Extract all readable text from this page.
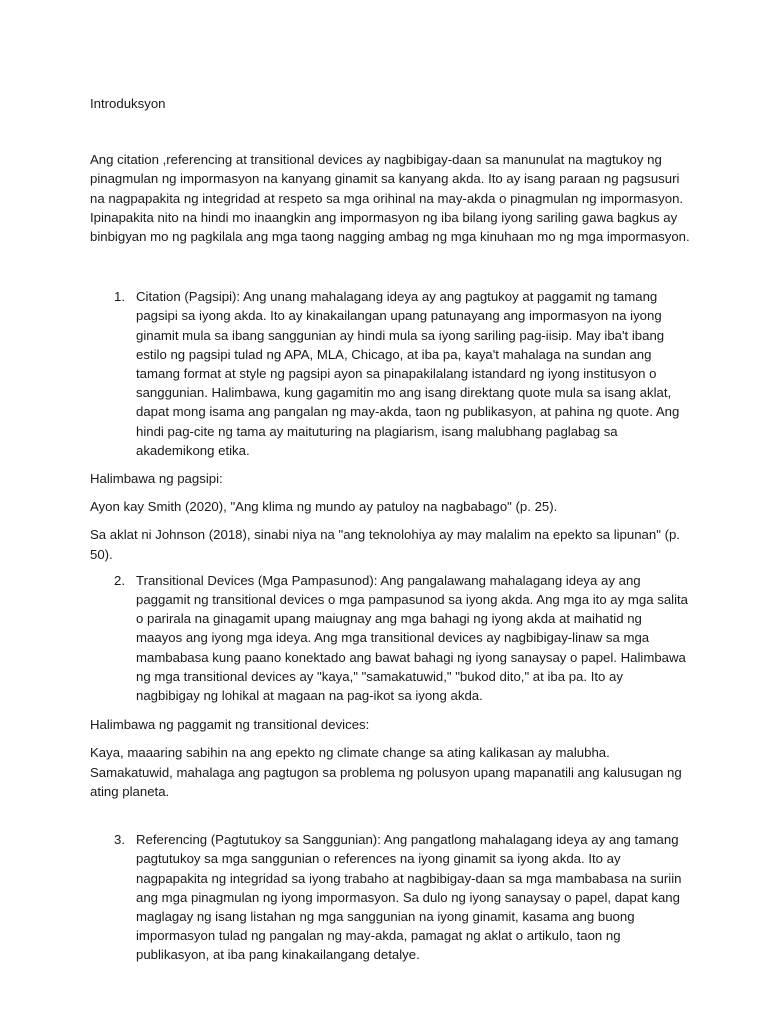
Introduksyon

Ang citation ,referencing at transitional devices ay nagbibigay-daan sa manunulat na magtukoy ng pinagmulan ng impormasyon na kanyang ginamit sa kanyang akda. Ito ay isang paraan ng pagsusuri na nagpapakita ng integridad at respeto sa mga orihinal na may-akda o pinagmulan ng impormasyon. Ipinapakita nito na hindi mo inaangkin ang impormasyon ng iba bilang iyong sariling gawa bagkus ay binbigyan mo ng pagkilala ang mga taong nagging ambag ng mga kinuhaan mo ng mga impormasyon.

1. Citation (Pagsipi): Ang unang mahalagang ideya ay ang pagtukoy at paggamit ng tamang pagsipi sa iyong akda. Ito ay kinakailangan upang patunayang ang impormasyon na iyong ginamit mula sa ibang sanggunian ay hindi mula sa iyong sariling pag-iisip. May iba't ibang estilo ng pagsipi tulad ng APA, MLA, Chicago, at iba pa, kaya't mahalaga na sundan ang tamang format at style ng pagsipi ayon sa pinapakilalang istandard ng iyong institusyon o sanggunian. Halimbawa, kung gagamitin mo ang isang direktang quote mula sa isang aklat, dapat mong isama ang pangalan ng may-akda, taon ng publikasyon, at pahina ng quote. Ang hindi pag-cite ng tama ay maituturing na plagiarism, isang malubhang paglabag sa akademikong etika.

Halimbawa ng pagsipi:

Ayon kay Smith (2020), "Ang klima ng mundo ay patuloy na nagbabago" (p. 25).

Sa aklat ni Johnson (2018), sinabi niya na "ang teknolohiya ay may malalim na epekto sa lipunan" (p. 50).

2. Transitional Devices (Mga Pampasunod): Ang pangalawang mahalagang ideya ay ang paggamit ng transitional devices o mga pampasunod sa iyong akda. Ang mga ito ay mga salita o parirala na ginagamit upang maiugnay ang mga bahagi ng iyong akda at maihatid ng maayos ang iyong mga ideya. Ang mga transitional devices ay nagbibigay-linaw sa mga mambabasa kung paano konektado ang bawat bahagi ng iyong sanaysay o papel. Halimbawa ng mga transitional devices ay "kaya," "samakatuwid," "bukod dito," at iba pa. Ito ay nagbibigay ng lohikal at magaan na pag-ikot sa iyong akda.

Halimbawa ng paggamit ng transitional devices:

Kaya, maaaring sabihin na ang epekto ng climate change sa ating kalikasan ay malubha. Samakatuwid, mahalaga ang pagtugon sa problema ng polusyon upang mapanatili ang kalusugan ng ating planeta.

3. Referencing (Pagtutukoy sa Sanggunian): Ang pangatlong mahalagang ideya ay ang tamang pagtutukoy sa mga sanggunian o references na iyong ginamit sa iyong akda. Ito ay nagpapakita ng integridad sa iyong trabaho at nagbibigay-daan sa mga mambabasa na suriin ang mga pinagmulan ng iyong impormasyon. Sa dulo ng iyong sanaysay o papel, dapat kang maglagay ng isang listahan ng mga sanggunian na iyong ginamit, kasama ang buong impormasyon tulad ng pangalan ng may-akda, pamagat ng aklat o artikulo, taon ng publikasyon, at iba pang kinakailangang detalye.
